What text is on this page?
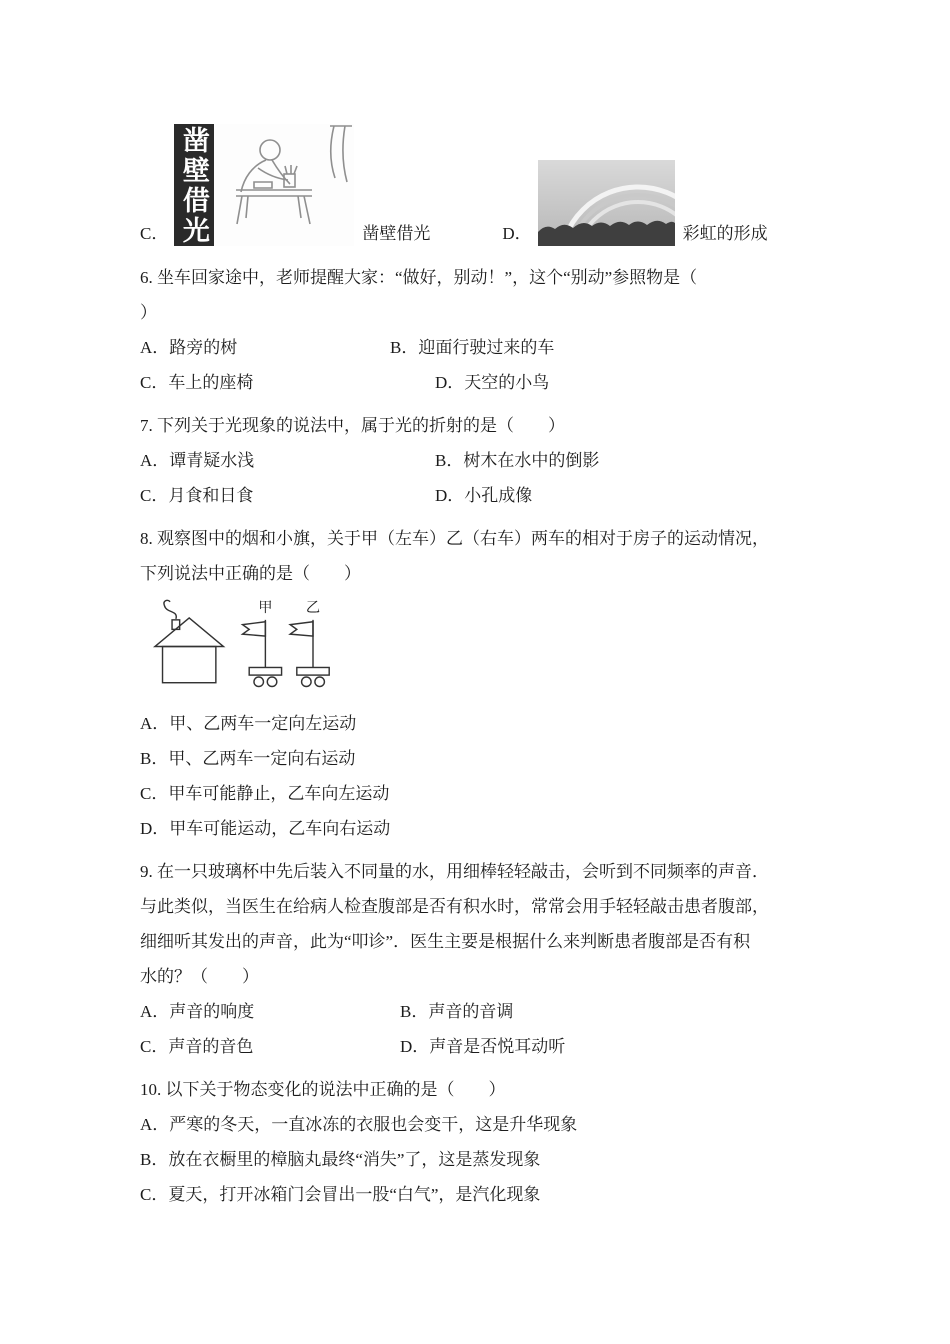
C． 凿壁借光	凿壁借光	D．	彩虹的形成
6. 坐车回家途中，老师提醒大家：“做好，别动！”，这个“别动”参照物是（
）
A．路旁的树	B．迎面行驶过来的车
C．车上的座椅	D．天空的小鸟
7. 下列关于光现象的说法中，属于光的折射的是（　　）
A．谭青疑水浅	B．树木在水中的倒影
C．月食和日食	D．小孔成像
8. 观察图中的烟和小旗，关于甲（左车）乙（右车）两车的相对于房子的运动情况，
下列说法中正确的是（　　）
甲 乙
A．甲、乙两车一定向左运动
B．甲、乙两车一定向右运动
C．甲车可能静止，乙车向左运动
D．甲车可能运动，乙车向右运动
9. 在一只玻璃杯中先后装入不同量的水，用细棒轻轻敲击，会听到不同频率的声音．
与此类似，当医生在给病人检查腹部是否有积水时，常常会用手轻轻敲击患者腹部，
细细听其发出的声音，此为“叩诊”．医生主要是根据什么来判断患者腹部是否有积
水的？（　　）
A．声音的响度	B．声音的音调
C．声音的音色	D．声音是否悦耳动听
10. 以下关于物态变化的说法中正确的是（　　）
A．严寒的冬天，一直冰冻的衣服也会变干，这是升华现象
B．放在衣橱里的樟脑丸最终“消失”了，这是蒸发现象
C．夏天，打开冰箱门会冒出一股“白气”，是汽化现象
